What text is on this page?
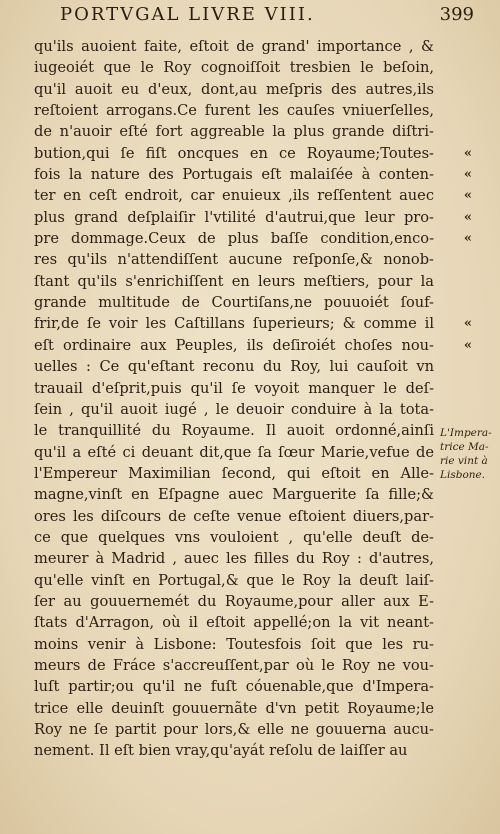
PORTVGAL LIVRE VIII.	399
qu'ils auoient faite, eſtoit de grand' importance , &
iugeoiét que le Roy cognoiſſoit tresbien le beſoin,
qu'il auoit eu d'eux, dont,au meſpris des autres,ils
reſtoient arrogans.Ce furent les cauſes vniuerſelles,
de n'auoir eſté fort aggreable la plus grande diſtri-
bution,qui ſe fiſt oncques en ce Royaume;Toutes- «
fois la nature des Portugais eſt malaiſée à conten- «
ter en ceſt endroit, car enuieux ,ils reſſentent auec «
plus grand deſplaiſir l'vtilité d'autrui,que leur pro- «
pre dommage.Ceux de plus baſſe condition,enco- «
res qu'ils n'attendiſſent aucune reſponſe,& nonob-
ſtant qu'ils s'enrichiſſent en leurs meſtiers, pour la
grande multitude de Courtiſans,ne pouuoiét ſouf-
frir,de ſe voir les Caſtillans ſuperieurs; & comme il «
eſt ordinaire aux Peuples, ils deſiroiét choſes nou- «
uelles : Ce qu'eſtant reconu du Roy, lui cauſoit vn
trauail d'eſprit,puis qu'il ſe voyoit manquer le deſ-
ſein , qu'il auoit iugé , le deuoir conduire à la tota-
le tranquillité du Royaume. Il auoit ordonné,ainſi
qu'il a eſté ci deuant dit,que ſa ſœur Marie,vefue de
l'Empereur Maximilian ſecond, qui eſtoit en Alle-
magne,vinſt en Eſpagne auec Marguerite ſa fille;&
ores les diſcours de ceſte venue eſtoient diuers,par-
ce que quelques vns vouloient , qu'elle deuſt de-
meurer à Madrid , auec les filles du Roy : d'autres,
qu'elle vinſt en Portugal,& que le Roy la deuſt laiſ-
ſer au gouuernemét du Royaume,pour aller aux E-
ſtats d'Arragon, où il eſtoit appellé;on la vit neant-
moins venir à Lisbone: Toutesfois ſoit que les ru-
meurs de Fráce s'accreuſſent,par où le Roy ne vou-
luſt partir;ou qu'il ne fuſt cóuenable,que d'Impera-
trice elle deuinſt gouuernãte d'vn petit Royaume;le
Roy ne ſe partit pour lors,& elle ne gouuerna aucu-
nement. Il eſt bien vray,qu'ayát reſolu de laiſſer au
L'Impera-
trice Ma-
rie vint à
Lisbone.
